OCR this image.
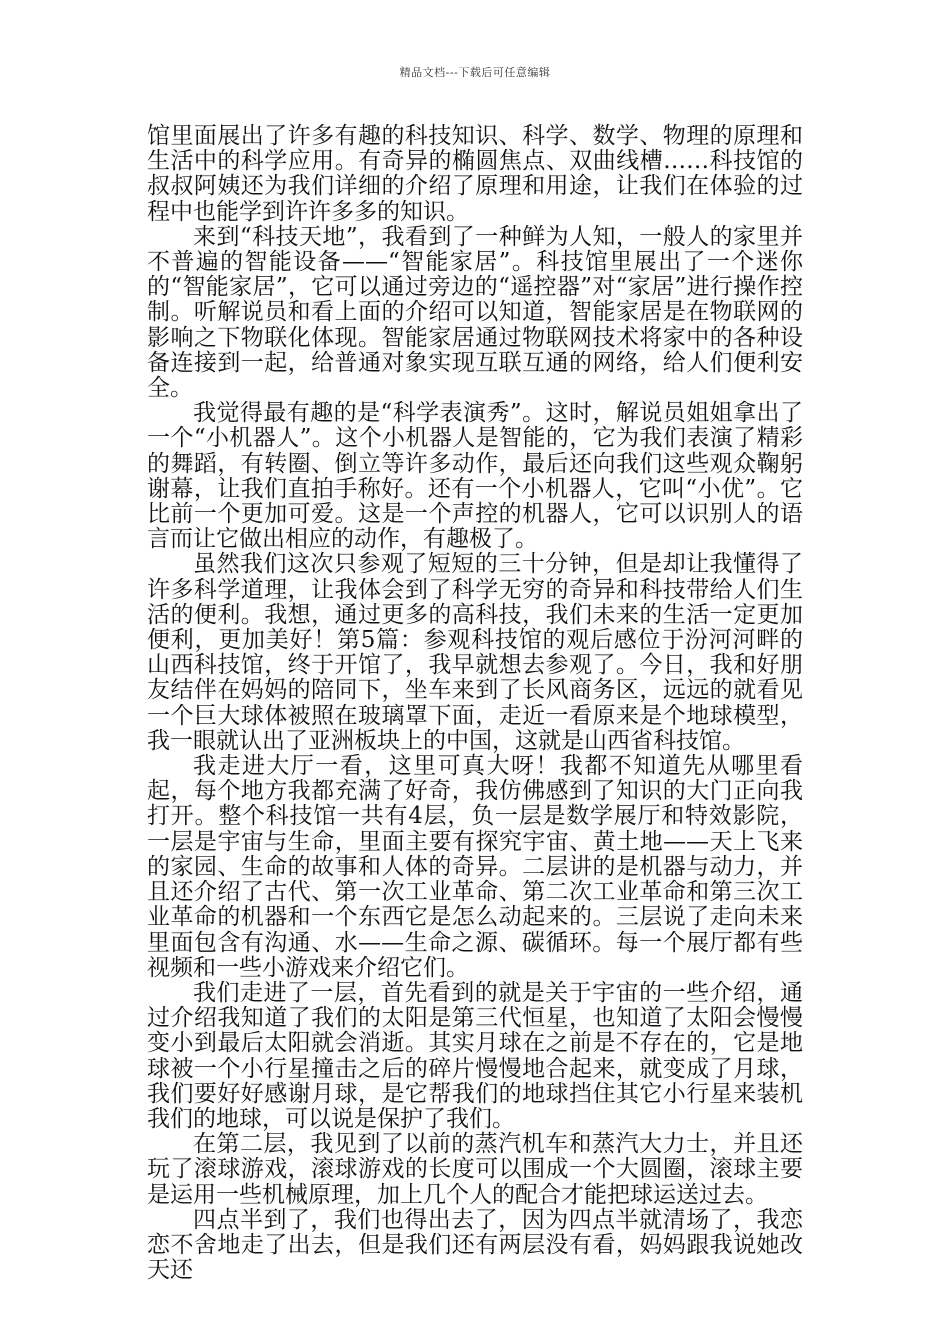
精品文档---下载后可任意编辑

馆里面展出了许多有趣的科技知识、科学、数学、物理的原理和生活中的科学应用。有奇异的椭圆焦点、双曲线槽……科技馆的叔叔阿姨还为我们详细的介绍了原理和用途，让我们在体验的过程中也能学到许许多多的知识。

来到“科技天地”，我看到了一种鲜为人知，一般人的家里并不普遍的智能设备——“智能家居”。科技馆里展出了一个迷你的“智能家居”，它可以通过旁边的“遥控器”对“家居”进行操作控制。听解说员和看上面的介绍可以知道，智能家居是在物联网的影响之下物联化体现。智能家居通过物联网技术将家中的各种设备连接到一起，给普通对象实现互联互通的网络，给人们便利安全。

我觉得最有趣的是“科学表演秀”。这时，解说员姐姐拿出了一个“小机器人”。这个小机器人是智能的，它为我们表演了精彩的舞蹈，有转圈、倒立等许多动作，最后还向我们这些观众鞠躬谢幕，让我们直拍手称好。还有一个小机器人，它叫“小优”。它比前一个更加可爱。这是一个声控的机器人，它可以识别人的语言而让它做出相应的动作，有趣极了。

虽然我们这次只参观了短短的三十分钟，但是却让我懂得了许多科学道理，让我体会到了科学无穷的奇异和科技带给人们生活的便利。我想，通过更多的高科技，我们未来的生活一定更加便利，更加美好！第5篇：参观科技馆的观后感位于汾河河畔的山西科技馆，终于开馆了，我早就想去参观了。今日，我和好朋友结伴在妈妈的陪同下，坐车来到了长风商务区，远远的就看见一个巨大球体被照在玻璃罩下面，走近一看原来是个地球模型，我一眼就认出了亚洲板块上的中国，这就是山西省科技馆。

我走进大厅一看，这里可真大呀！我都不知道先从哪里看起，每个地方我都充满了好奇，我仿佛感到了知识的大门正向我打开。整个科技馆一共有4层，负一层是数学展厅和特效影院，一层是宇宙与生命，里面主要有探究宇宙、黄土地——天上飞来的家园、生命的故事和人体的奇异。二层讲的是机器与动力，并且还介绍了古代、第一次工业革命、第二次工业革命和第三次工业革命的机器和一个东西它是怎么动起来的。三层说了走向未来里面包含有沟通、水——生命之源、碳循环。每一个展厅都有些视频和一些小游戏来介绍它们。

我们走进了一层，首先看到的就是关于宇宙的一些介绍，通过介绍我知道了我们的太阳是第三代恒星，也知道了太阳会慢慢变小到最后太阳就会消逝。其实月球在之前是不存在的，它是地球被一个小行星撞击之后的碎片慢慢地合起来，就变成了月球，我们要好好感谢月球，是它帮我们的地球挡住其它小行星来装机我们的地球，可以说是保护了我们。

在第二层，我见到了以前的蒸汽机车和蒸汽大力士，并且还玩了滚球游戏，滚球游戏的长度可以围成一个大圆圈，滚球主要是运用一些机械原理，加上几个人的配合才能把球运送过去。

四点半到了，我们也得出去了，因为四点半就清场了，我恋恋不舍地走了出去，但是我们还有两层没有看，妈妈跟我说她改天还
